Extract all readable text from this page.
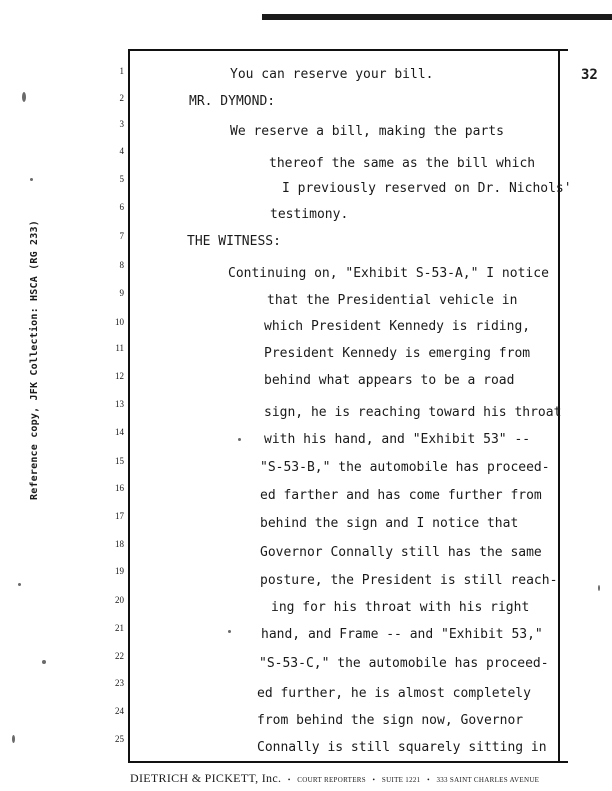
32
Reference copy, JFK Collection: HSCA (RG 233)
1	You can reserve your bill.
2	MR. DYMOND:
3	We reserve a bill, making the parts
4
thereof the same as the bill which
5
I previously reserved on Dr. Nichols'
6	testimony.
7	THE WITNESS:
8
Continuing on, "Exhibit S-53-A," I notice
9	that the Presidential vehicle in
10	which President Kennedy is riding,
11	President Kennedy is emerging from
12	behind what appears to be a road
13
sign, he is reaching toward his throat
14	with his hand, and "Exhibit 53" --
15	"S-53-B," the automobile has proceed-
16	ed farther and has come further from
17	behind the sign and I notice that
18
Governor Connally still has the same
19
posture, the President is still reach-
20	ing for his throat with his right
21	hand, and Frame -- and "Exhibit 53,"
22	"S-53-C," the automobile has proceed-
23
ed further, he is almost completely
24
from behind the sign now, Governor
25
Connally is still squarely sitting in
DIETRICH & PICKETT, Inc.   •   COURT REPORTERS   •   SUITE 1221   •   333 SAINT CHARLES AVENUE
